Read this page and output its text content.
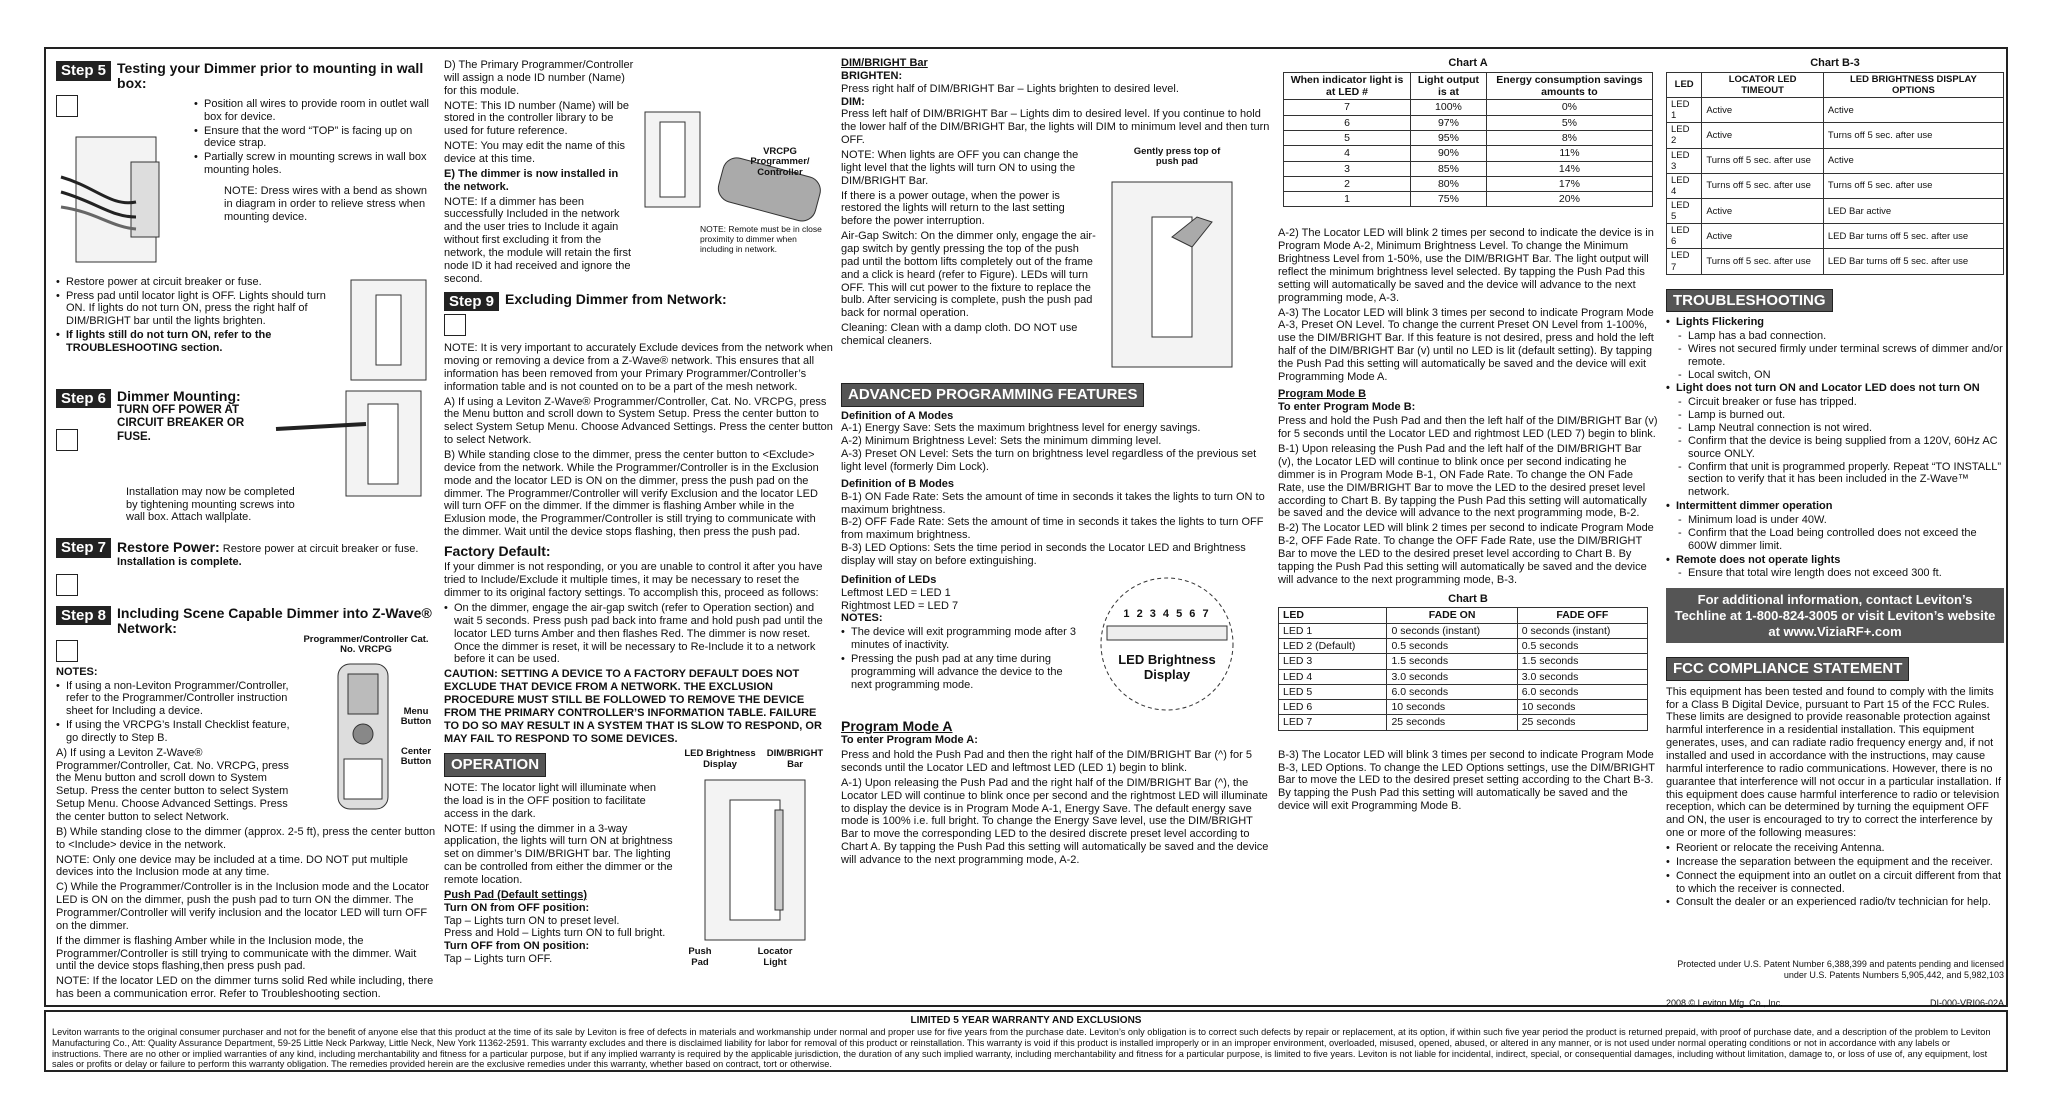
Step 5 Testing your Dimmer prior to mounting in wall box:
• Position all wires to provide room in outlet wall box for device.
• Ensure that the word “TOP” is facing up on device strap.
• Partially screw in mounting screws in wall box mounting holes.

NOTE: Dress wires with a bend as shown in diagram in order to relieve stress when mounting device.

• Restore power at circuit breaker or fuse.
• Press pad until locator light is OFF. Lights should turn ON. If lights do not turn ON, press the right half of DIM/BRIGHT bar until the lights brighten.
• If lights still do not turn ON, refer to the TROUBLESHOOTING section.
Step 6 Dimmer Mounting:
TURN OFF POWER AT CIRCUIT BREAKER OR FUSE.

Installation may now be completed by tightening mounting screws into wall box. Attach wallplate.

Step 7 Restore Power: Restore power at circuit breaker or fuse. Installation is complete.

Step 8 Including Scene Capable Dimmer into Z-Wave® Network:
NOTES:
• If using a non-Leviton Programmer/Controller, refer to the Programmer/Controller instruction sheet for Including a device.
• If using the VRCPG’s Install Checklist feature, go directly to Step B.
Programmer/Controller Cat. No. VRCPG
Menu Button
Center Button

A) If using a Leviton Z-Wave® Programmer/Controller, Cat. No. VRCPG, press the Menu button and scroll down to System Setup. Press the center button to select System Setup Menu. Choose Advanced Settings. Press the center button to select Network.

B) While standing close to the dimmer (approx. 2-5 ft), press the center button to <Include> device in the network.

NOTE: Only one device may be included at a time. DO NOT put multiple devices into the Inclusion mode at any time.

C) While the Programmer/Controller is in the Inclusion mode and the Locator LED is ON on the dimmer, push the push pad to turn ON the dimmer. The Programmer/Controller will verify inclusion and the locator LED will turn OFF on the dimmer.

If the dimmer is flashing Amber while in the Inclusion mode, the Programmer/Controller is still trying to communicate with the dimmer. Wait until the device stops flashing,then press push pad.

NOTE: If the locator LED on the dimmer turns solid Red while including, there has been a communication error. Refer to Troubleshooting section.

D) The Primary Programmer/Controller will assign a node ID number (Name) for this module.

NOTE: This ID number (Name) will be stored in the controller library to be used for future reference.

NOTE: You may edit the name of this device at this time.

E) The dimmer is now installed in the network.

NOTE: If a dimmer has been successfully Included in the network and the user tries to Include it again without first excluding it from the network, the module will retain the first node ID it had received and ignore the second.

VRCPG Programmer/ Controller
NOTE: Remote must be in close proximity to dimmer when including in network.
Step 9 Excluding Dimmer from Network:

NOTE: It is very important to accurately Exclude devices from the network when moving or removing a device from a Z-Wave® network. This ensures that all information has been removed from your Primary Programmer/Controller’s information table and is not counted on to be a part of the mesh network.

A) If using a Leviton Z-Wave® Programmer/Controller, Cat. No. VRCPG, press the Menu button and scroll down to System Setup. Press the center button to select System Setup Menu. Choose Advanced Settings. Press the center button to select Network.

B) While standing close to the dimmer, press the center button to <Exclude> device from the network. While the Programmer/Controller is in the Exclusion mode and the locator LED is ON on the dimmer, press the push pad on the dimmer. The Programmer/Controller will verify Exclusion and the locator LED will turn OFF on the dimmer. If the dimmer is flashing Amber while in the Exlusion mode, the Programmer/Controller is still trying to communicate with the dimmer. Wait until the device stops flashing, then press the push pad.

Factory Default:

If your dimmer is not responding, or you are unable to control it after you have tried to Include/Exclude it multiple times, it may be necessary to reset the dimmer to its original factory settings. To accomplish this, proceed as follows:

• On the dimmer, engage the air-gap switch (refer to Operation section) and wait 5 seconds. Press push pad back into frame and hold push pad until the locator LED turns Amber and then flashes Red. The dimmer is now reset. Once the dimmer is reset, it will be necessary to Re-Include it to a network before it can be used.

CAUTION: SETTING A DEVICE TO A FACTORY DEFAULT DOES NOT EXCLUDE THAT DEVICE FROM A NETWORK. THE EXCLUSION PROCEDURE MUST STILL BE FOLLOWED TO REMOVE THE DEVICE FROM THE PRIMARY CONTROLLER’S INFORMATION TABLE. FAILURE TO DO SO MAY RESULT IN A SYSTEM THAT IS SLOW TO RESPOND, OR MAY FAIL TO RESPOND TO SOME DEVICES.

OPERATION

NOTE: The locator light will illuminate when the load is in the OFF position to facilitate access in the dark.

NOTE: If using the dimmer in a 3-way application, the lights will turn ON at brightness set on dimmer’s DIM/BRIGHT bar. The lighting can be controlled from either the dimmer or the remote location.

Push Pad (Default settings)
Turn ON from OFF position:
Tap – Lights turn ON to preset level.
Press and Hold – Lights turn ON to full bright.
Turn OFF from ON position:
Tap – Lights turn OFF.
LED Brightness Display
DIM/BRIGHT Bar
Push Pad
Locator Light
DIM/BRIGHT Bar
BRIGHTEN:
Press right half of DIM/BRIGHT Bar – Lights brighten to desired level.
DIM:
Press left half of DIM/BRIGHT Bar – Lights dim to desired level. If you continue to hold the lower half of the DIM/BRIGHT Bar, the lights will DIM to minimum level and then turn OFF.

NOTE: When lights are OFF you can change the light level that the lights will turn ON to using the DIM/BRIGHT Bar.

If there is a power outage, when the power is restored the lights will return to the last setting before the power interruption.

Air-Gap Switch: On the dimmer only, engage the air-gap switch by gently pressing the top of the push pad until the bottom lifts completely out of the frame and a click is heard (refer to Figure). LEDs will turn OFF. This will cut power to the fixture to replace the bulb. After servicing is complete, push the push pad back for normal operation.

Cleaning: Clean with a damp cloth. DO NOT use chemical cleaners.

Gently press top of push pad
ADVANCED PROGRAMMING FEATURES
Definition of A Modes
A-1) Energy Save: Sets the maximum brightness level for energy savings.
A-2) Minimum Brightness Level: Sets the minimum dimming level.
A-3) Preset ON Level: Sets the turn on brightness level regardless of the previous set light level (formerly Dim Lock).
Definition of B Modes
B-1) ON Fade Rate: Sets the amount of time in seconds it takes the lights to turn ON to maximum brightness.
B-2) OFF Fade Rate: Sets the amount of time in seconds it takes the lights to turn OFF from maximum brightness.
B-3) LED Options: Sets the time period in seconds the Locator LED and Brightness display will stay on before extinguishing.
Definition of LEDs
Leftmost LED = LED 1
Rightmost LED = LED 7
NOTES:
• The device will exit programming mode after 3 minutes of inactivity.
• Pressing the push pad at any time during programming will advance the device to the next programming mode.
1 2 3 4 5 6 7
LED Brightness Display
Program Mode A
To enter Program Mode A:

Press and hold the Push Pad and then the right half of the DIM/BRIGHT Bar (^) for 5 seconds until the Locator LED and leftmost LED (LED 1) begin to blink.

A-1) Upon releasing the Push Pad and the right half of the DIM/BRIGHT Bar (^), the Locator LED will continue to blink once per second and the rightmost LED will illuminate to display the device is in Program Mode A-1, Energy Save. The default energy save mode is 100% i.e. full bright. To change the Energy Save level, use the DIM/BRIGHT Bar to move the corresponding LED to the desired discrete preset level according to Chart A. By tapping the Push Pad this setting will automatically be saved and the device will advance to the next programming mode, A-2.

Chart A
When indicator light is at LED #	Light output is at	Energy consumption savings amounts to
7	100%	0%
6	97%	5%
5	95%	8%
4	90%	11%
3	85%	14%
2	80%	17%
1	75%	20%

A-2) The Locator LED will blink 2 times per second to indicate the device is in Program Mode A-2, Minimum Brightness Level. To change the Minimum Brightness Level from 1-50%, use the DIM/BRIGHT Bar. The light output will reflect the minimum brightness level selected. By tapping the Push Pad this setting will automatically be saved and the device will advance to the next programming mode, A-3.

A-3) The Locator LED will blink 3 times per second to indicate Program Mode A-3, Preset ON Level. To change the current Preset ON Level from 1-100%, use the DIM/BRIGHT Bar. If this feature is not desired, press and hold the left half of the DIM/BRIGHT Bar (v) until no LED is lit (default setting). By tapping the Push Pad this setting will automatically be saved and the device will exit Programming Mode A.

Program Mode B
To enter Program Mode B:

Press and hold the Push Pad and then the left half of the DIM/BRIGHT Bar (v) for 5 seconds until the Locator LED and rightmost LED (LED 7) begin to blink.

B-1) Upon releasing the Push Pad and the left half of the DIM/BRIGHT Bar (v), the Locator LED will continue to blink once per second indicating he dimmer is in Program Mode B-1, ON Fade Rate. To change the ON Fade Rate, use the DIM/BRIGHT Bar to move the LED to the desired preset level according to Chart B. By tapping the Push Pad this setting will automatically be saved and the device will advance to the next programming mode, B-2.

B-2) The Locator LED will blink 2 times per second to indicate Program Mode B-2, OFF Fade Rate. To change the OFF Fade Rate, use the DIM/BRIGHT Bar to move the LED to the desired preset level according to Chart B. By tapping the Push Pad this setting will automatically be saved and the device will advance to the next programming mode, B-3.

Chart B
LED	FADE ON	FADE OFF
LED 1	0 seconds (instant)	0 seconds (instant)
LED 2 (Default)	0.5 seconds	0.5 seconds
LED 3	1.5 seconds	1.5 seconds
LED 4	3.0 seconds	3.0 seconds
LED 5	6.0 seconds	6.0 seconds
LED 6	10 seconds	10 seconds
LED 7	25 seconds	25 seconds

B-3) The Locator LED will blink 3 times per second to indicate Program Mode B-3, LED Options. To change the LED Options settings, use the DIM/BRIGHT Bar to move the LED to the desired preset setting according to the Chart B-3. By tapping the Push Pad this setting will automatically be saved and the device will exit Programming Mode B.

Chart B-3
LED	LOCATOR LED TIMEOUT	LED BRIGHTNESS DISPLAY OPTIONS
LED 1	Active	Active
LED 2	Active	Turns off 5 sec. after use
LED 3	Turns off 5 sec. after use	Active
LED 4	Turns off 5 sec. after use	Turns off 5 sec. after use
LED 5	Active	LED Bar active
LED 6	Active	LED Bar turns off 5 sec. after use
LED 7	Turns off 5 sec. after use	LED Bar turns off 5 sec. after use
TROUBLESHOOTING
• Lights Flickering
- Lamp has a bad connection.
- Wires not secured firmly under terminal screws of dimmer and/or remote.
- Local switch, ON
• Light does not turn ON and Locator LED does not turn ON
- Circuit breaker or fuse has tripped.
- Lamp is burned out.
- Lamp Neutral connection is not wired.
- Confirm that the device is being supplied from a 120V, 60Hz AC source ONLY.
- Confirm that unit is programmed properly. Repeat “TO INSTALL” section to verify that it has been included in the Z-Wave™ network.
• Intermittent dimmer operation
- Minimum load is under 40W.
- Confirm that the Load being controlled does not exceed the 600W dimmer limit.
• Remote does not operate lights
- Ensure that total wire length does not exceed 300 ft.
For additional information, contact Leviton’s Techline at 1-800-824-3005 or visit Leviton’s website at www.ViziaRF+.com
FCC COMPLIANCE STATEMENT

This equipment has been tested and found to comply with the limits for a Class B Digital Device, pursuant to Part 15 of the FCC Rules. These limits are designed to provide reasonable protection against harmful interference in a residential installation. This equipment generates, uses, and can radiate radio frequency energy and, if not installed and used in accordance with the instructions, may cause harmful interference to radio communications. However, there is no guarantee that interference will not occur in a particular installation. If this equipment does cause harmful interference to radio or television reception, which can be determined by turning the equipment OFF and ON, the user is encouraged to try to correct the interference by one or more of the following measures:

• Reorient or relocate the receiving Antenna.
• Increase the separation between the equipment and the receiver.
• Connect the equipment into an outlet on a circuit different from that to which the receiver is connected.
• Consult the dealer or an experienced radio/tv technician for help.

Protected under U.S. Patent Number 6,388,399 and patents pending and licensed under U.S. Patents Numbers 5,905,442, and 5,982,103

2008 © Leviton Mfg. Co., Inc.	DI-000-VRI06-02A
LIMITED 5 YEAR WARRANTY AND EXCLUSIONS
Leviton warrants to the original consumer purchaser and not for the benefit of anyone else that this product at the time of its sale by Leviton is free of defects in materials and workmanship under normal and proper use for five years from the purchase date. Leviton’s only obligation is to correct such defects by repair or replacement, at its option, if within such five year period the product is returned prepaid, with proof of purchase date, and a description of the problem to Leviton Manufacturing Co., Att: Quality Assurance Department, 59-25 Little Neck Parkway, Little Neck, New York 11362-2591. This warranty excludes and there is disclaimed liability for labor for removal of this product or reinstallation. This warranty is void if this product is installed improperly or in an improper environment, overloaded, misused, opened, abused, or altered in any manner, or is not used under normal operating conditions or not in accordance with any labels or instructions. There are no other or implied warranties of any kind, including merchantability and fitness for a particular purpose, but if any implied warranty is required by the applicable jurisdiction, the duration of any such implied warranty, including merchantability and fitness for a particular purpose, is limited to five years. Leviton is not liable for incidental, indirect, special, or consequential damages, including without limitation, damage to, or loss of use of, any equipment, lost sales or profits or delay or failure to perform this warranty obligation. The remedies provided herein are the exclusive remedies under this warranty, whether based on contract, tort or otherwise.
